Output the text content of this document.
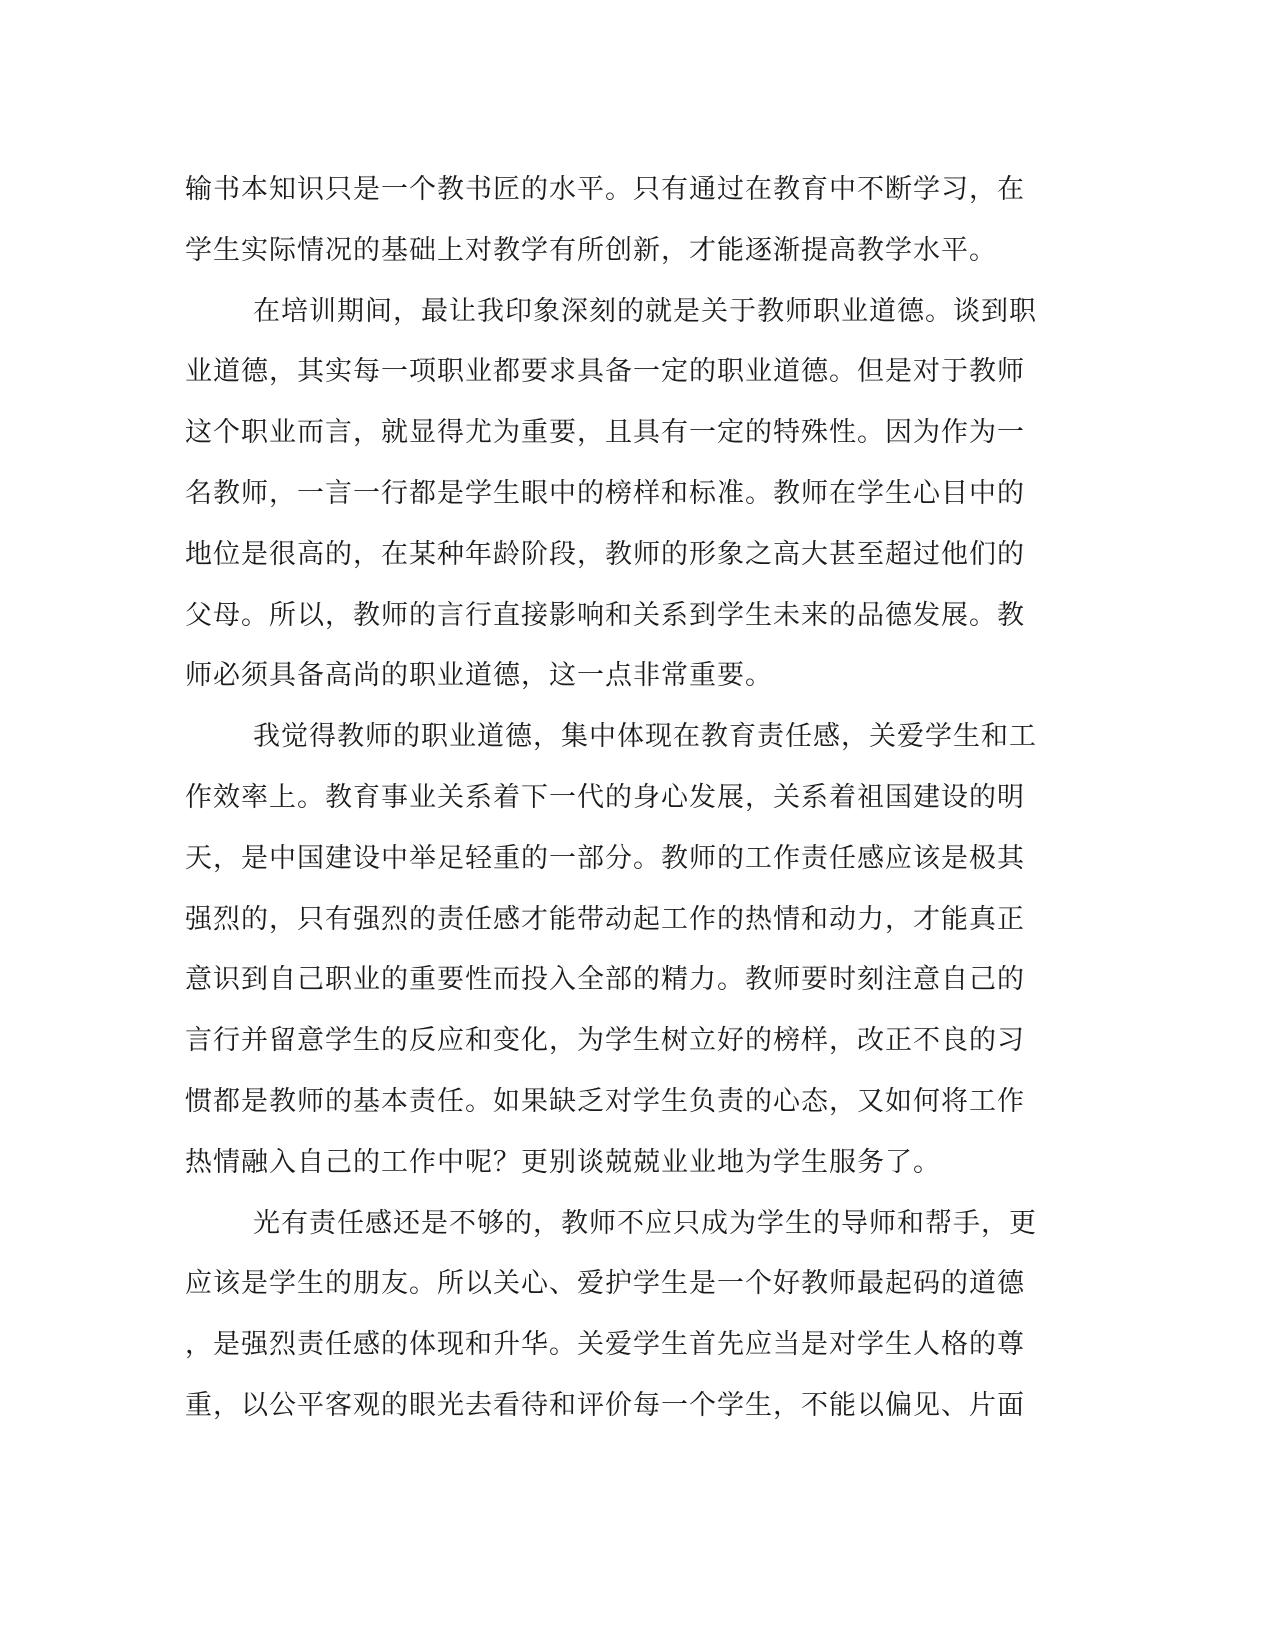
输书本知识只是一个教书匠的水平。只有通过在教育中不断学习，在
学生实际情况的基础上对教学有所创新，才能逐渐提高教学水平。
在培训期间，最让我印象深刻的就是关于教师职业道德。谈到职
业道德，其实每一项职业都要求具备一定的职业道德。但是对于教师
这个职业而言，就显得尤为重要，且具有一定的特殊性。因为作为一
名教师，一言一行都是学生眼中的榜样和标准。教师在学生心目中的
地位是很高的，在某种年龄阶段，教师的形象之高大甚至超过他们的
父母。所以，教师的言行直接影响和关系到学生未来的品德发展。教
师必须具备高尚的职业道德，这一点非常重要。
我觉得教师的职业道德，集中体现在教育责任感，关爱学生和工
作效率上。教育事业关系着下一代的身心发展，关系着祖国建设的明
天，是中国建设中举足轻重的一部分。教师的工作责任感应该是极其
强烈的，只有强烈的责任感才能带动起工作的热情和动力，才能真正
意识到自己职业的重要性而投入全部的精力。教师要时刻注意自己的
言行并留意学生的反应和变化，为学生树立好的榜样，改正不良的习
惯都是教师的基本责任。如果缺乏对学生负责的心态，又如何将工作
热情融入自己的工作中呢？更别谈兢兢业业地为学生服务了。
光有责任感还是不够的，教师不应只成为学生的导师和帮手，更
应该是学生的朋友。所以关心、爱护学生是一个好教师最起码的道德
，是强烈责任感的体现和升华。关爱学生首先应当是对学生人格的尊
重，以公平客观的眼光去看待和评价每一个学生，不能以偏见、片面
